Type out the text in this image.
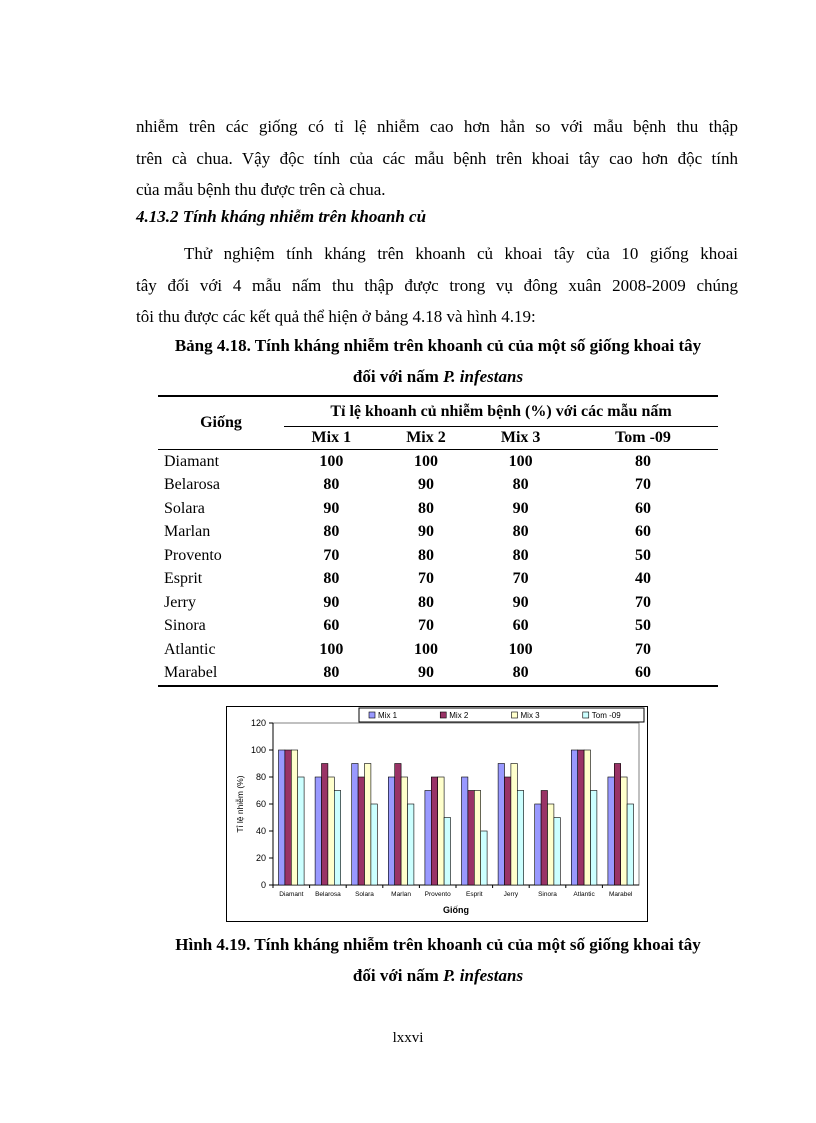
nhiễm trên các giống có tỉ lệ nhiễm cao hơn hẳn so với mẫu bệnh thu thập
trên cà chua. Vậy độc tính của các mẫu bệnh trên khoai tây cao hơn độc tính
của mẫu bệnh thu được trên cà chua.
4.13.2 Tính kháng nhiễm trên khoanh củ
Thử nghiệm tính kháng trên khoanh củ khoai tây của 10 giống khoai
tây đối với 4 mẫu nấm thu thập được trong vụ đông xuân 2008-2009 chúng
tôi thu được các kết quả thể hiện ở bảng 4.18 và hình 4.19:
Bảng 4.18. Tính kháng nhiễm trên khoanh củ của một số giống khoai tây
đối với nấm P. infestans
Giống	Tỉ lệ khoanh củ nhiễm bệnh (%) với các mẫu nấm			
	Mix 1	Mix 2	Mix 3	Tom -09
Diamant	100	100	100	80
Belarosa	80	90	80	70
Solara	90	80	90	60
Marlan	80	90	80	60
Provento	70	80	80	50
Esprit	80	70	70	40
Jerry	90	80	90	70
Sinora	60	70	60	50
Atlantic	100	100	100	70
Marabel	80	90	80	60
0
20
40
60
80
100
120
Diamant Belarosa Solara	Marlan Provento Esprit	Jerry	Sinora	Atlantic Marabel
Giống
Tỉ lệ nhiễm (%)
Mix 1	Mix 2	Mix 3	Tom -09
Hình 4.19. Tính kháng nhiễm trên khoanh củ của một số giống khoai tây
đối với nấm P. infestans
lxxvi
